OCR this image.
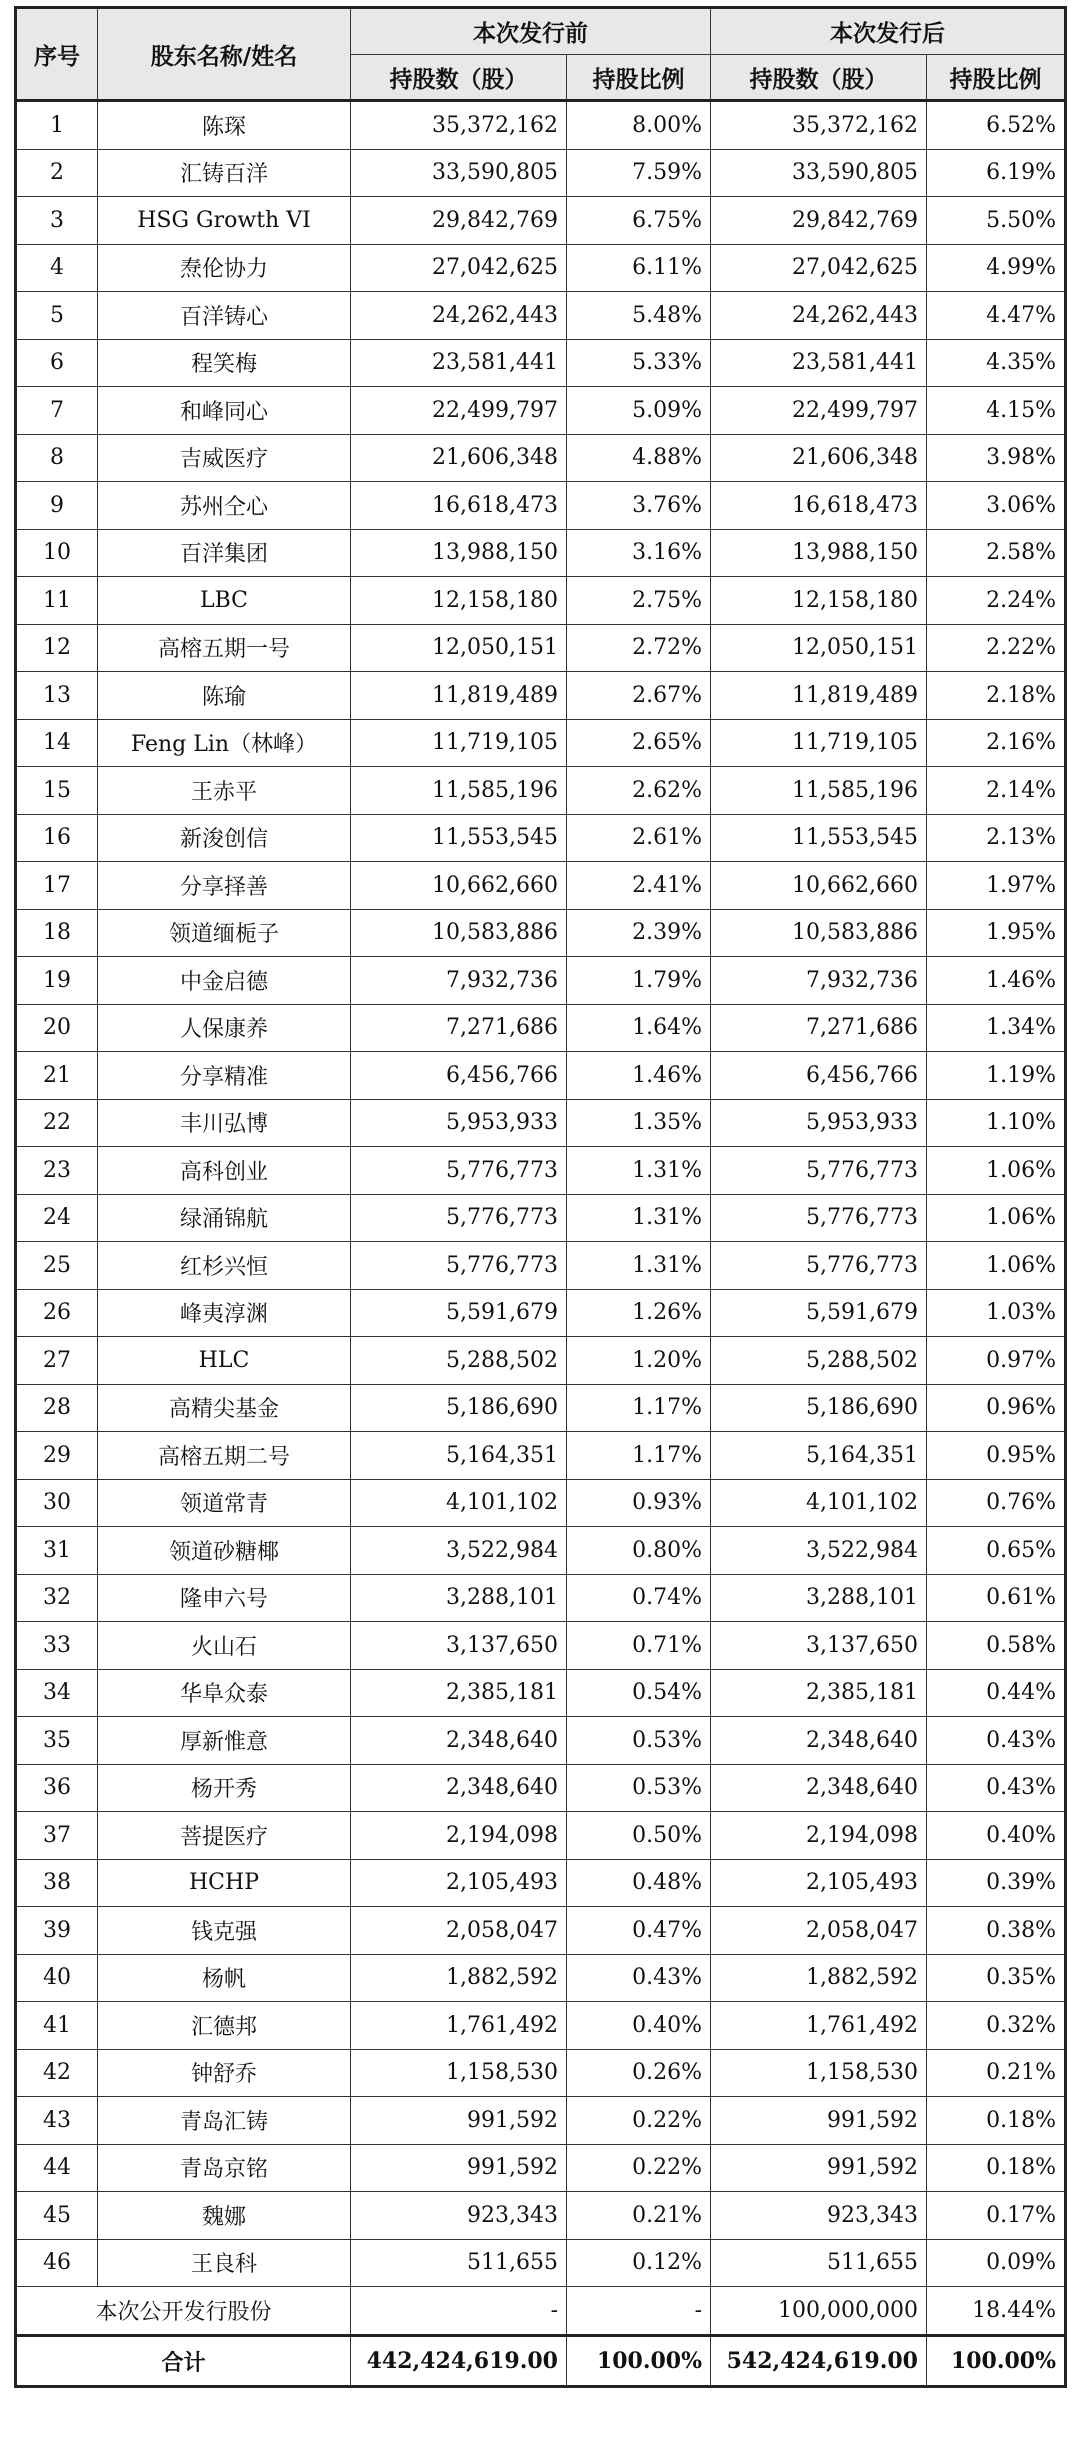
序号	股东名称/姓名	本次发行前		本次发行后	
		持股数（股）	持股比例	持股数（股）	持股比例
1	陈琛	35,372,162	8.00%	35,372,162	6.52%
2	汇铸百洋	33,590,805	7.59%	33,590,805	6.19%
3	HSG Growth VI	29,842,769	6.75%	29,842,769	5.50%
4	焘伦协力	27,042,625	6.11%	27,042,625	4.99%
5	百洋铸心	24,262,443	5.48%	24,262,443	4.47%
6	程笑梅	23,581,441	5.33%	23,581,441	4.35%
7	和峰同心	22,499,797	5.09%	22,499,797	4.15%
8	吉威医疗	21,606,348	4.88%	21,606,348	3.98%
9	苏州仝心	16,618,473	3.76%	16,618,473	3.06%
10	百洋集团	13,988,150	3.16%	13,988,150	2.58%
11	LBC	12,158,180	2.75%	12,158,180	2.24%
12	高榕五期一号	12,050,151	2.72%	12,050,151	2.22%
13	陈瑜	11,819,489	2.67%	11,819,489	2.18%
14	Feng Lin（林峰）	11,719,105	2.65%	11,719,105	2.16%
15	王赤平	11,585,196	2.62%	11,585,196	2.14%
16	新浚创信	11,553,545	2.61%	11,553,545	2.13%
17	分享择善	10,662,660	2.41%	10,662,660	1.97%
18	领道缅栀子	10,583,886	2.39%	10,583,886	1.95%
19	中金启德	7,932,736	1.79%	7,932,736	1.46%
20	人保康养	7,271,686	1.64%	7,271,686	1.34%
21	分享精准	6,456,766	1.46%	6,456,766	1.19%
22	丰川弘博	5,953,933	1.35%	5,953,933	1.10%
23	高科创业	5,776,773	1.31%	5,776,773	1.06%
24	绿涌锦航	5,776,773	1.31%	5,776,773	1.06%
25	红杉兴恒	5,776,773	1.31%	5,776,773	1.06%
26	峰夷淳渊	5,591,679	1.26%	5,591,679	1.03%
27	HLC	5,288,502	1.20%	5,288,502	0.97%
28	高精尖基金	5,186,690	1.17%	5,186,690	0.96%
29	高榕五期二号	5,164,351	1.17%	5,164,351	0.95%
30	领道常青	4,101,102	0.93%	4,101,102	0.76%
31	领道砂糖椰	3,522,984	0.80%	3,522,984	0.65%
32	隆申六号	3,288,101	0.74%	3,288,101	0.61%
33	火山石	3,137,650	0.71%	3,137,650	0.58%
34	华阜众泰	2,385,181	0.54%	2,385,181	0.44%
35	厚新惟意	2,348,640	0.53%	2,348,640	0.43%
36	杨开秀	2,348,640	0.53%	2,348,640	0.43%
37	菩提医疗	2,194,098	0.50%	2,194,098	0.40%
38	HCHP	2,105,493	0.48%	2,105,493	0.39%
39	钱克强	2,058,047	0.47%	2,058,047	0.38%
40	杨帆	1,882,592	0.43%	1,882,592	0.35%
41	汇德邦	1,761,492	0.40%	1,761,492	0.32%
42	钟舒乔	1,158,530	0.26%	1,158,530	0.21%
43	青岛汇铸	991,592	0.22%	991,592	0.18%
44	青岛京铭	991,592	0.22%	991,592	0.18%
45	魏娜	923,343	0.21%	923,343	0.17%
46	王良科	511,655	0.12%	511,655	0.09%
本次公开发行股份		-	-	100,000,000	18.44%
合计		442,424,619.00	100.00%	542,424,619.00	100.00%
